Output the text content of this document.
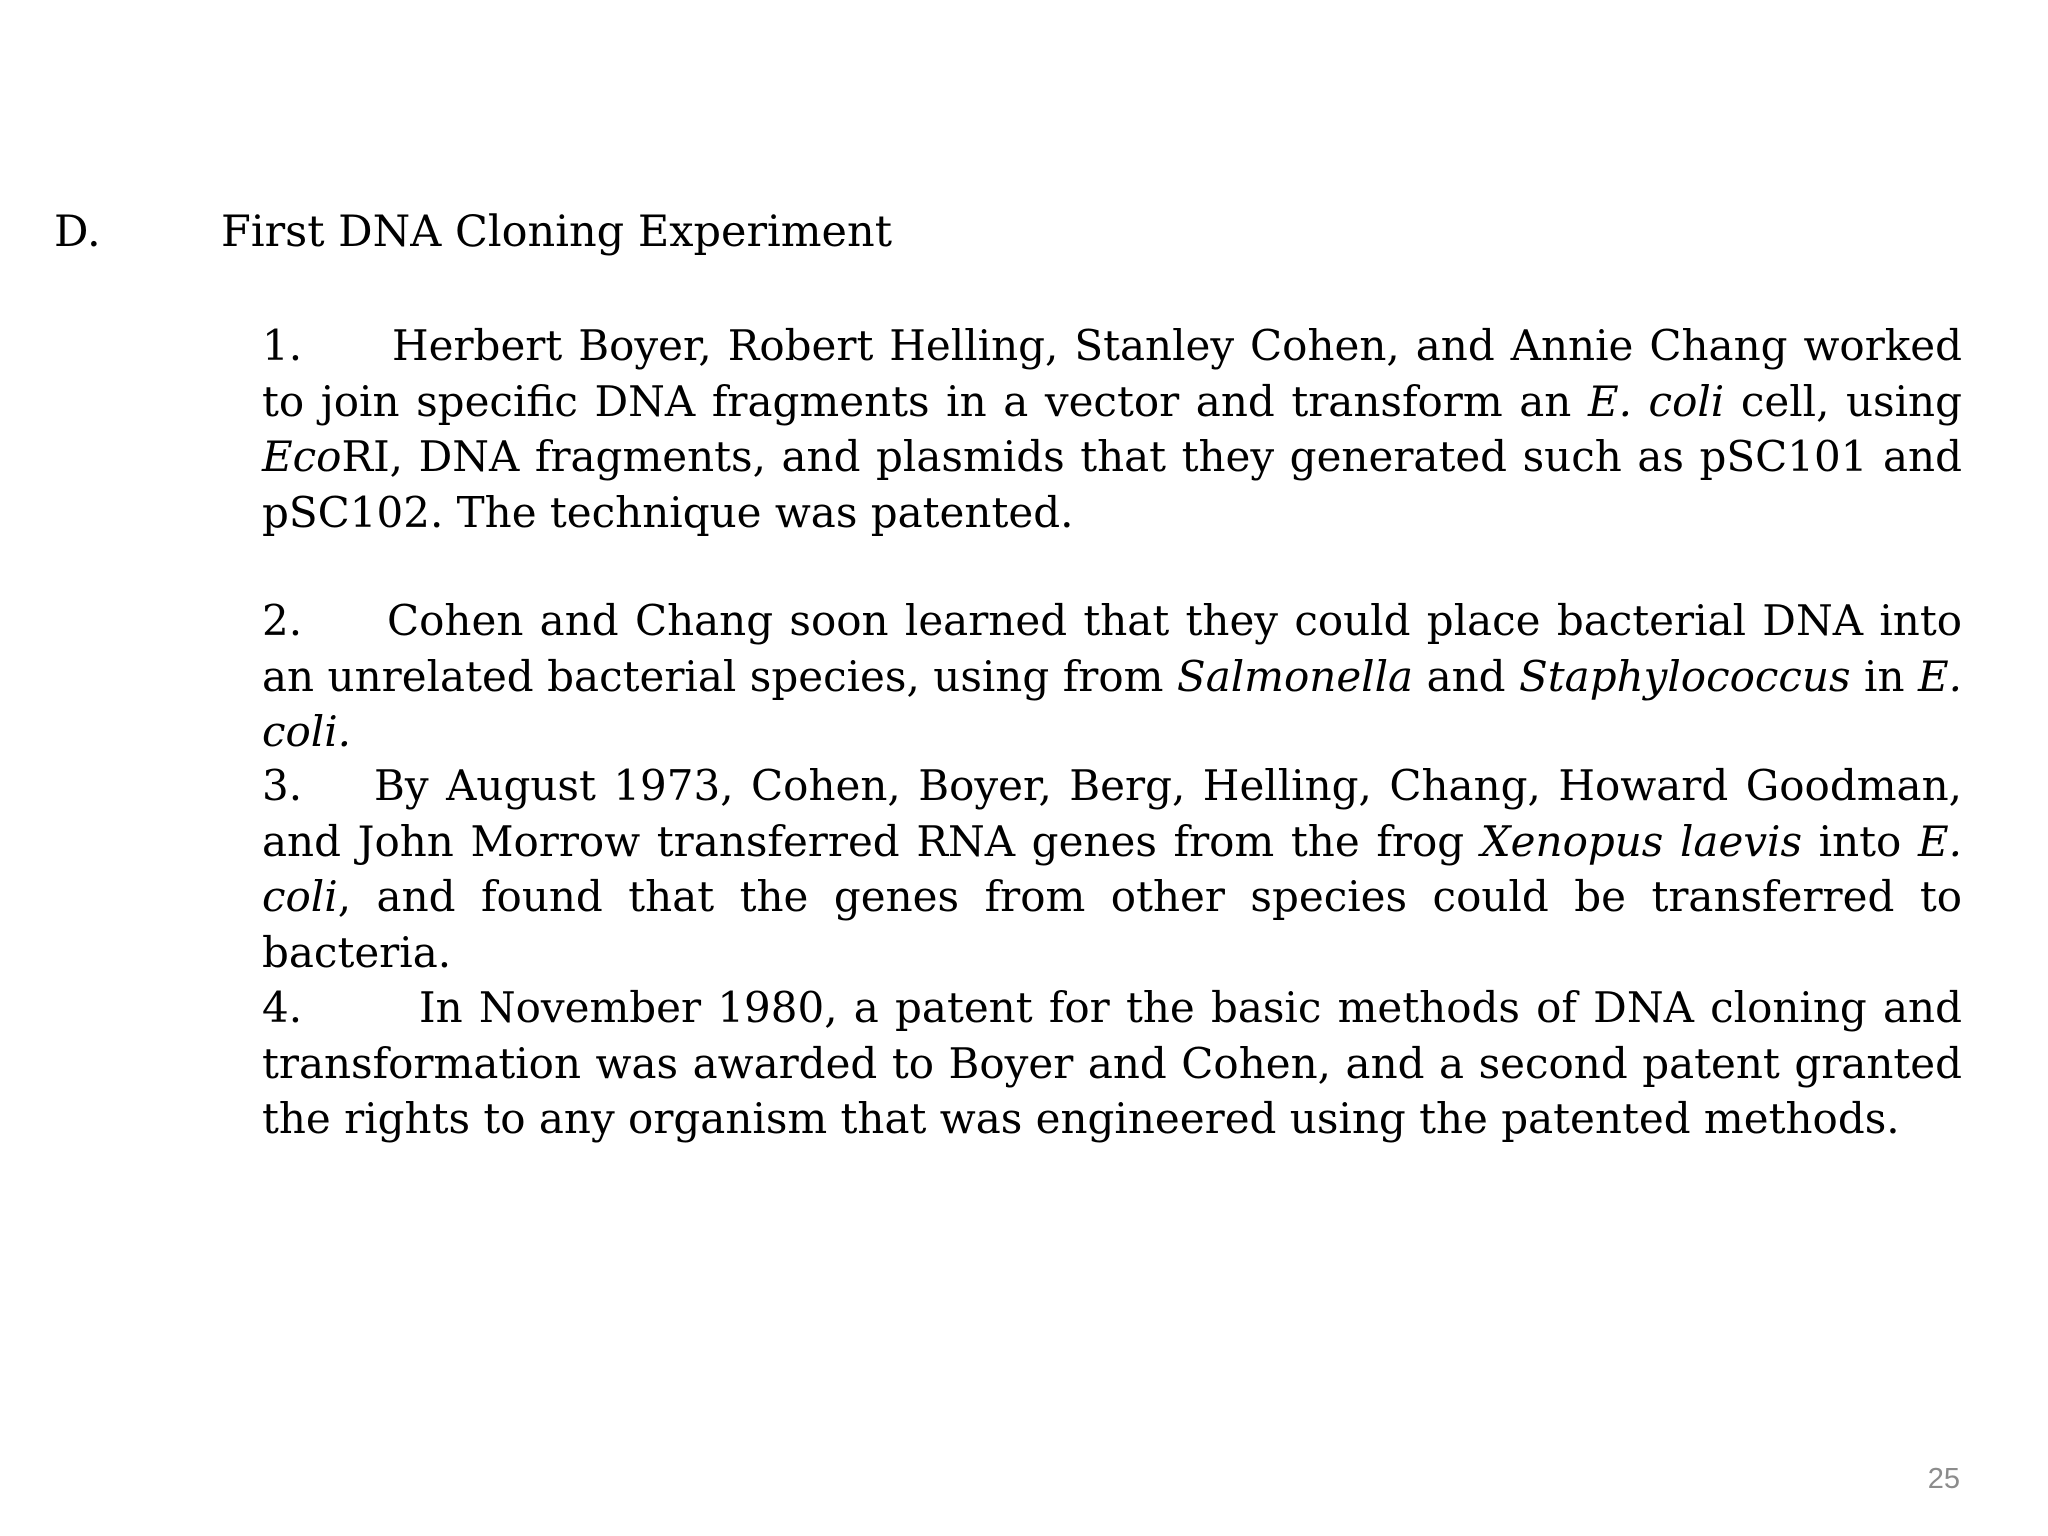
D.	First DNA Cloning Experiment

1. Herbert Boyer, Robert Helling, Stanley Cohen, and Annie Chang worked to join specific DNA fragments in a vector and transform an E. coli cell, using EcoRI, DNA fragments, and plasmids that they generated such as pSC101 and pSC102. The technique was patented.

2. Cohen and Chang soon learned that they could place bacterial DNA into an unrelated bacterial species, using from Salmonella and Staphylococcus in E. coli.

3. By August 1973, Cohen, Boyer, Berg, Helling, Chang, Howard Goodman, and John Morrow transferred RNA genes from the frog Xenopus laevis into E. coli, and found that the genes from other species could be transferred to bacteria.

4.	In November 1980, a patent for the basic methods of DNA cloning and transformation was awarded to Boyer and Cohen, and a second patent granted the rights to any organism that was engineered using the patented methods.

25
